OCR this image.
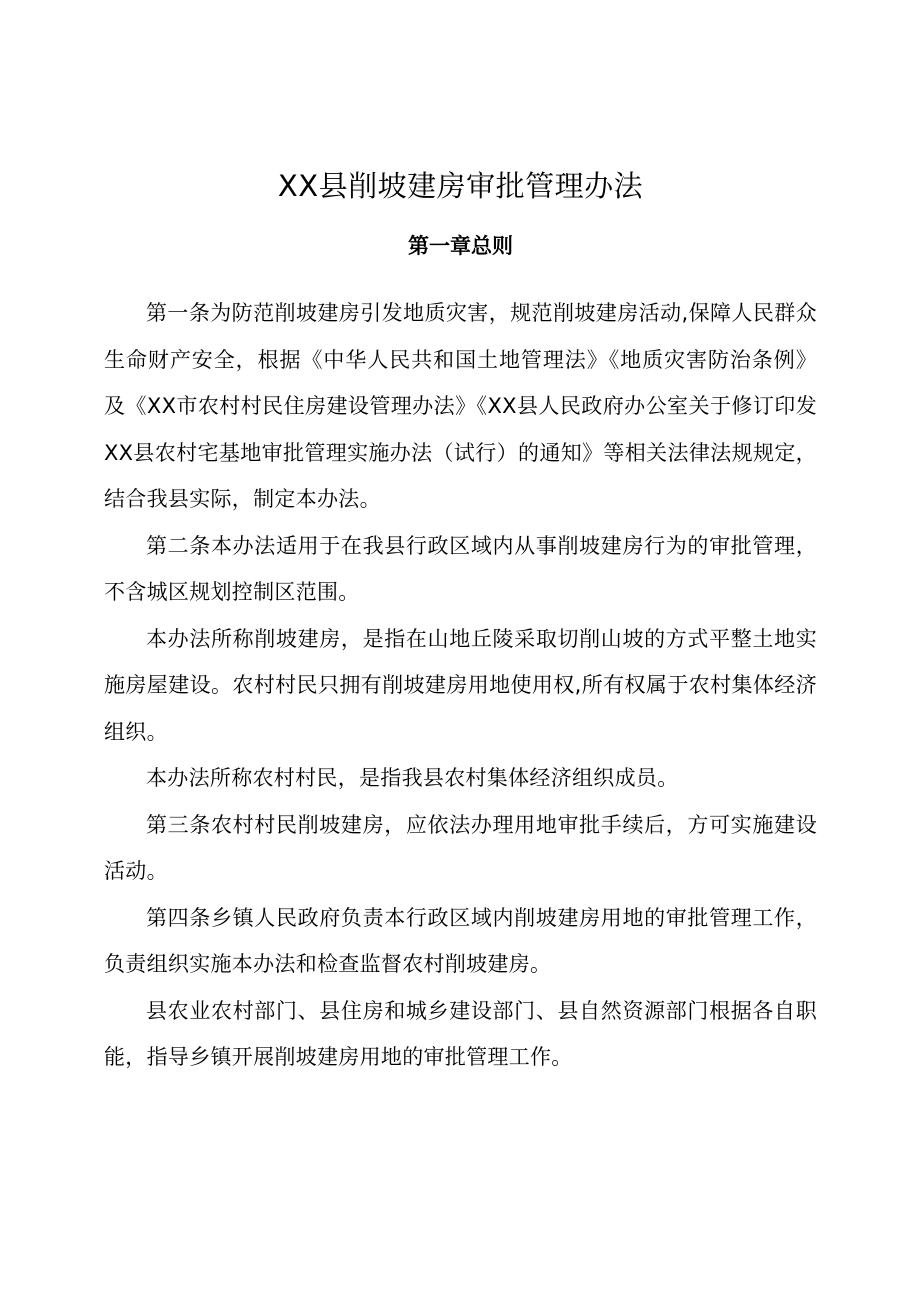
XX县削坡建房审批管理办法
第一章总则

第一条为防范削坡建房引发地质灾害，规范削坡建房活动,保障人民群众生命财产安全，根据《中华人民共和国土地管理法》《地质灾害防治条例》及《XX市农村村民住房建设管理办法》《XX县人民政府办公室关于修订印发XX县农村宅基地审批管理实施办法（试行）的通知》等相关法律法规规定，结合我县实际，制定本办法。

第二条本办法适用于在我县行政区域内从事削坡建房行为的审批管理，不含城区规划控制区范围。

本办法所称削坡建房，是指在山地丘陵采取切削山坡的方式平整土地实施房屋建设。农村村民只拥有削坡建房用地使用权,所有权属于农村集体经济组织。

本办法所称农村村民，是指我县农村集体经济组织成员。

第三条农村村民削坡建房，应依法办理用地审批手续后，方可实施建设活动。

第四条乡镇人民政府负责本行政区域内削坡建房用地的审批管理工作，负责组织实施本办法和检查监督农村削坡建房。

县农业农村部门、县住房和城乡建设部门、县自然资源部门根据各自职能，指导乡镇开展削坡建房用地的审批管理工作。
